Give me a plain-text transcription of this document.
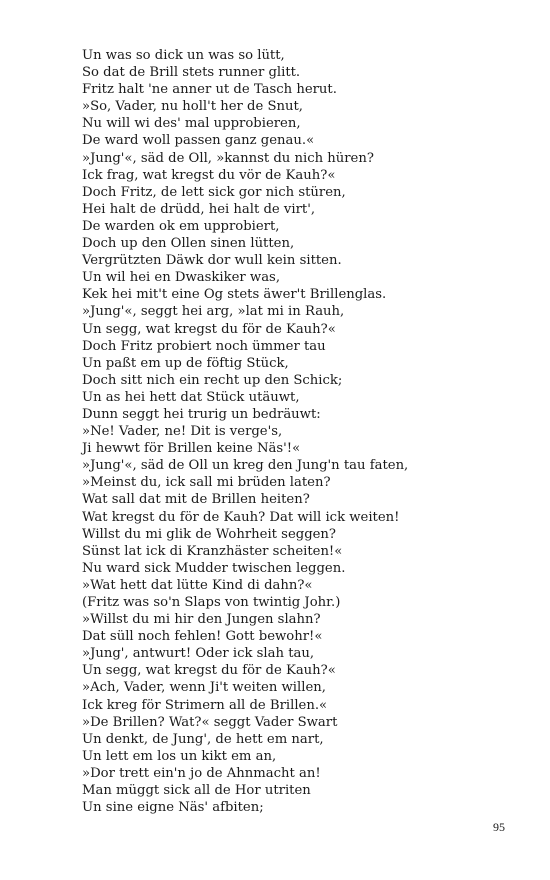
Un was so dick un was so lütt,
So dat de Brill stets runner glitt.
Fritz halt 'ne anner ut de Tasch herut.
»So, Vader, nu holl't her de Snut,
Nu will wi des' mal upprobieren,
De ward woll passen ganz genau.«
»Jung'«, säd de Oll, »kannst du nich hüren?
Ick frag, wat kregst du vör de Kauh?«
Doch Fritz, de lett sick gor nich stüren,
Hei halt de drüdd, hei halt de virt',
De warden ok em upprobiert,
Doch up den Ollen sinen lütten,
Vergrützten Däwk dor wull kein sitten.
Un wil hei en Dwaskiker was,
Kek hei mit't eine Og stets äwer't Brillenglas.
»Jung'«, seggt hei arg, »lat mi in Rauh,
Un segg, wat kregst du för de Kauh?«
Doch Fritz probiert noch ümmer tau
Un paßt em up de föftig Stück,
Doch sitt nich ein recht up den Schick;
Un as hei hett dat Stück utäuwt,
Dunn seggt hei trurig un bedräuwt:
»Ne! Vader, ne! Dit is verge's,
Ji hewwt för Brillen keine Näs'!«
»Jung'«, säd de Oll un kreg den Jung'n tau faten,
»Meinst du, ick sall mi brüden laten?
Wat sall dat mit de Brillen heiten?
Wat kregst du för de Kauh? Dat will ick weiten!
Willst du mi glik de Wohrheit seggen?
Sünst lat ick di Kranzhäster scheiten!«
Nu ward sick Mudder twischen leggen.
»Wat hett dat lütte Kind di dahn?«
(Fritz was so'n Slaps von twintig Johr.)
»Willst du mi hir den Jungen slahn?
Dat süll noch fehlen! Gott bewohr!«
»Jung', antwurt! Oder ick slah tau,
Un segg, wat kregst du för de Kauh?«
»Ach, Vader, wenn Ji't weiten willen,
Ick kreg för Strimern all de Brillen.«
»De Brillen? Wat?« seggt Vader Swart
Un denkt, de Jung', de hett em nart,
Un lett em los un kikt em an,
»Dor trett ein'n jo de Ahnmacht an!
Man müggt sick all de Hor utriten
Un sine eigne Näs' afbiten;
95
